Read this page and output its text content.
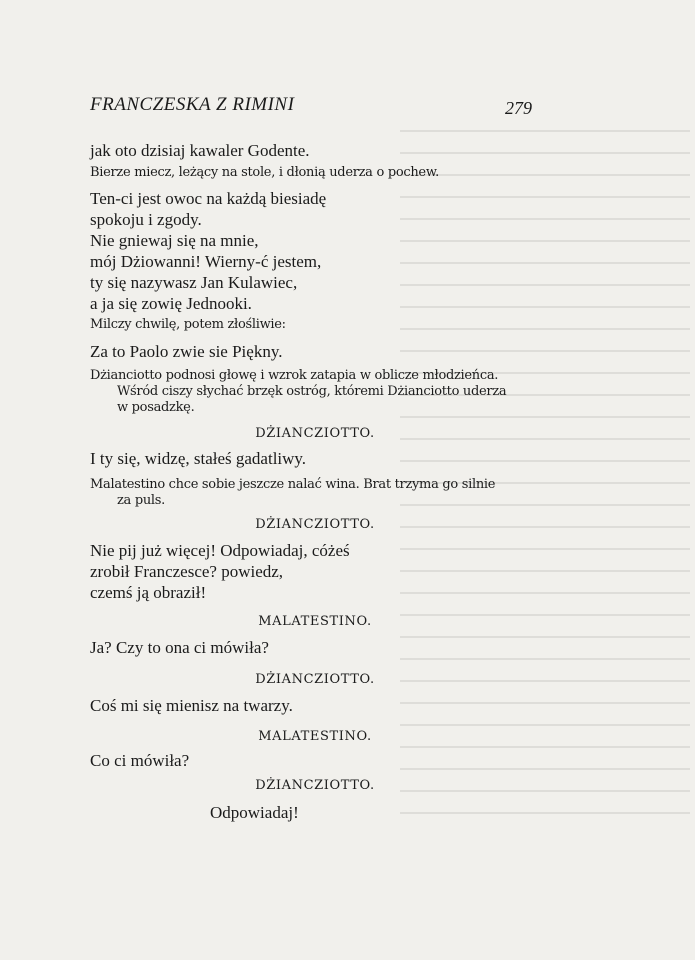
FRANCZESKA Z RIMINI	279
jak oto dzisiaj kawaler Godente.
Bierze miecz, leżący na stole, i dłonią uderza o pochew.
Ten-ci jest owoc na każdą biesiadę
spokoju i zgody.
Nie gniewaj się na mnie,
mój Dżiowanni! Wierny-ć jestem,
ty się nazywasz Jan Kulawiec,
a ja się zowię Jednooki.
Milczy chwilę, potem złośliwie:
Za to Paolo zwie sie Piękny.
Dżianciotto podnosi głowę i wzrok zatapia w oblicze młodzieńca.
Wśród ciszy słychać brzęk ostróg, któremi Dżianciotto uderza
w posadzkę.
DŻIANCZIOTTO.
I ty się, widzę, stałeś gadatliwy.
Malatestino chce sobie jeszcze nalać wina. Brat trzyma go silnie
za puls.
DŻIANCZIOTTO.
Nie pij już więcej! Odpowiadaj, cóżeś
zrobił Franczesce? powiedz,
czemś ją obraził!
MALATESTINO.
Ja? Czy to ona ci mówiła?
DŻIANCZIOTTO.
Coś mi się mienisz na twarzy.
MALATESTINO.
Co ci mówiła?
DŻIANCZIOTTO.
Odpowiadaj!
